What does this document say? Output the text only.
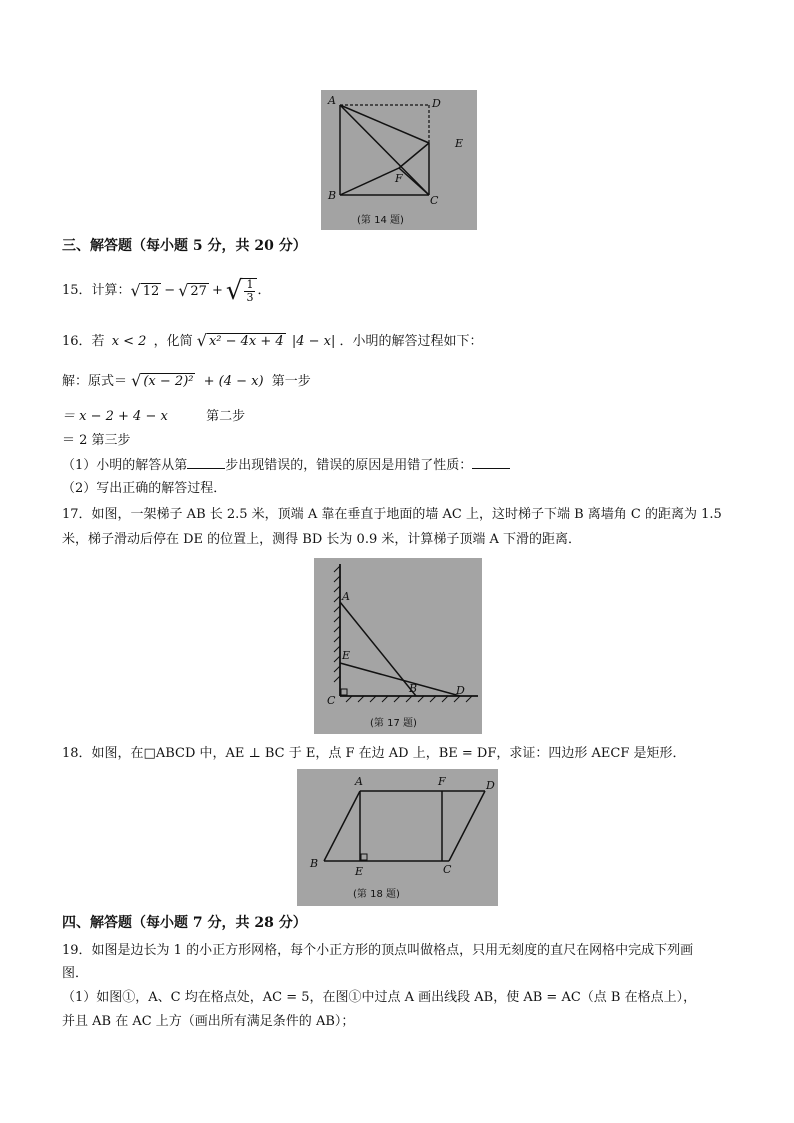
A	D
E
F
B	C
(第 14 题)
三、解答题（每小题 5 分，共 20 分）
15．计算： √ 12 − √ 27 + √ $\frac{1}{3}$ ．
16．若 x < 2 ，化简 √ x² − 4x + 4 |4 − x| ．小明的解答过程如下：
解：原式＝ √ (x − 2)² + (4 − x) 第一步
＝ x − 2 + 4 − x	第二步
＝ 2 第三步
（1）小明的解答从第	步出现错误的，错误的原因是用错了性质：
（2）写出正确的解答过程．
17．如图，一架梯子 AB 长 2.5 米，顶端 A 靠在垂直于地面的墙 AC 上，这时梯子下端 B 离墙角 C 的距离为 1.5
米，梯子滑动后停在 DE 的位置上，测得 BD 长为 0.9 米，计算梯子顶端 A 下滑的距离．
A
E
B	D
C
(第 17 题)
18．如图，在□ABCD 中，AE ⊥ BC 于 E，点 F 在边 AD 上，BE = DF，求证：四边形 AECF 是矩形．
A	F	D
B
E	C
(第 18 题)
四、解答题（每小题 7 分，共 28 分）
19．如图是边长为 1 的小正方形网格，每个小正方形的顶点叫做格点，只用无刻度的直尺在网格中完成下列画
图．
（1）如图①，A、C 均在格点处，AC = 5，在图①中过点 A 画出线段 AB，使 AB = AC（点 B 在格点上），
并且 AB 在 AC 上方（画出所有满足条件的 AB）；
